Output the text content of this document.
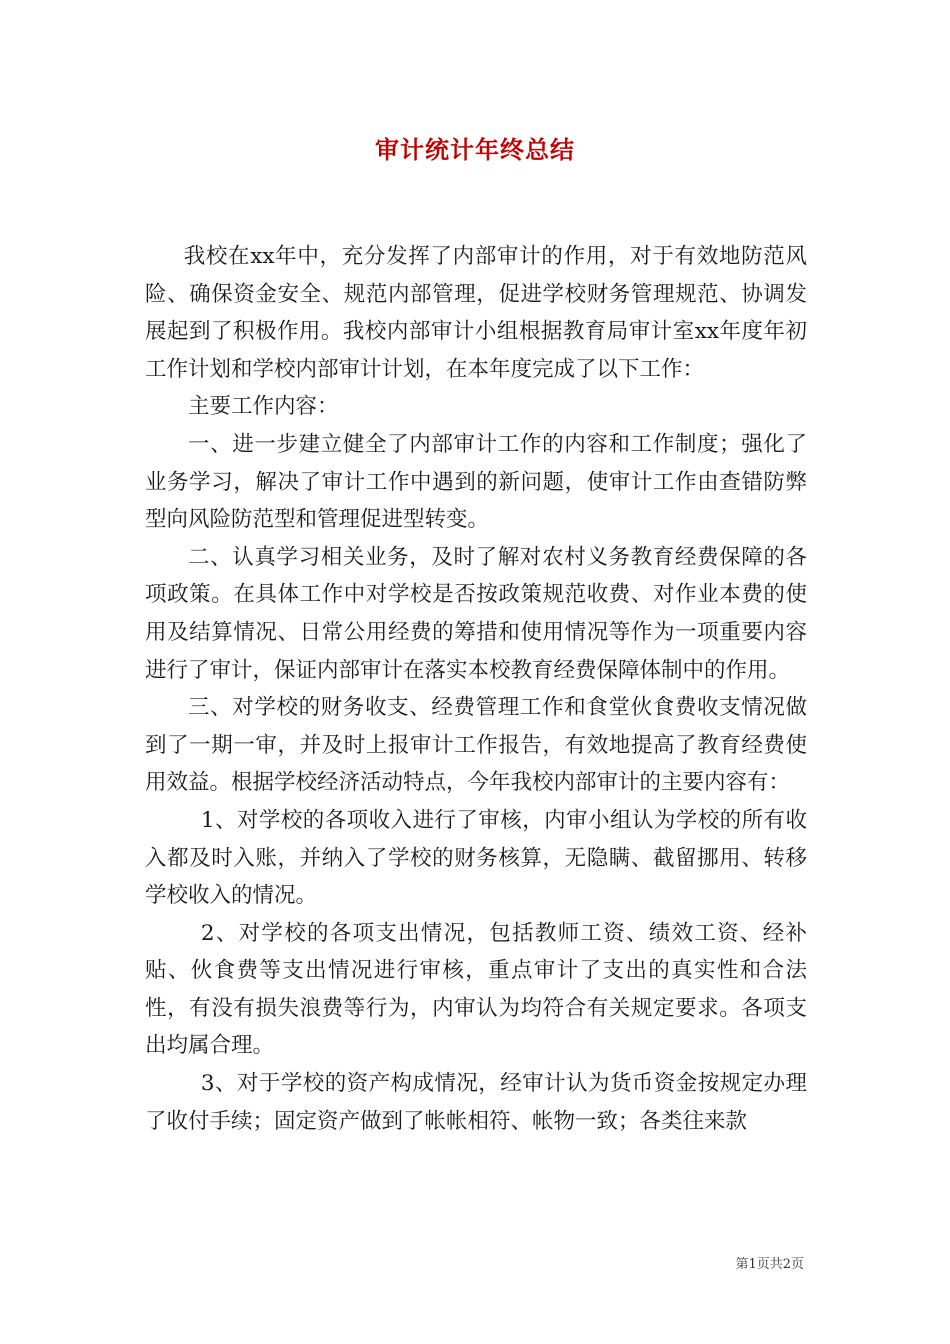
审计统计年终总结

我校在xx年中，充分发挥了内部审计的作用，对于有效地防范风险、确保资金安全、规范内部管理，促进学校财务管理规范、协调发展起到了积极作用。我校内部审计小组根据教育局审计室xx年度年初工作计划和学校内部审计计划，在本年度完成了以下工作：

主要工作内容：

一、进一步建立健全了内部审计工作的内容和工作制度；强化了业务学习，解决了审计工作中遇到的新问题，使审计工作由查错防弊型向风险防范型和管理促进型转变。

二、认真学习相关业务，及时了解对农村义务教育经费保障的各项政策。在具体工作中对学校是否按政策规范收费、对作业本费的使用及结算情况、日常公用经费的筹措和使用情况等作为一项重要内容进行了审计，保证内部审计在落实本校教育经费保障体制中的作用。

三、对学校的财务收支、经费管理工作和食堂伙食费收支情况做到了一期一审，并及时上报审计工作报告，有效地提高了教育经费使用效益。根据学校经济活动特点，今年我校内部审计的主要内容有：

1、对学校的各项收入进行了审核，内审小组认为学校的所有收入都及时入账，并纳入了学校的财务核算，无隐瞒、截留挪用、转移学校收入的情况。

2、对学校的各项支出情况，包括教师工资、绩效工资、经补贴、伙食费等支出情况进行审核，重点审计了支出的真实性和合法性，有没有损失浪费等行为，内审认为均符合有关规定要求。各项支出均属合理。

3、对于学校的资产构成情况，经审计认为货币资金按规定办理了收付手续；固定资产做到了帐帐相符、帐物一致；各类往来款

第1页共2页
